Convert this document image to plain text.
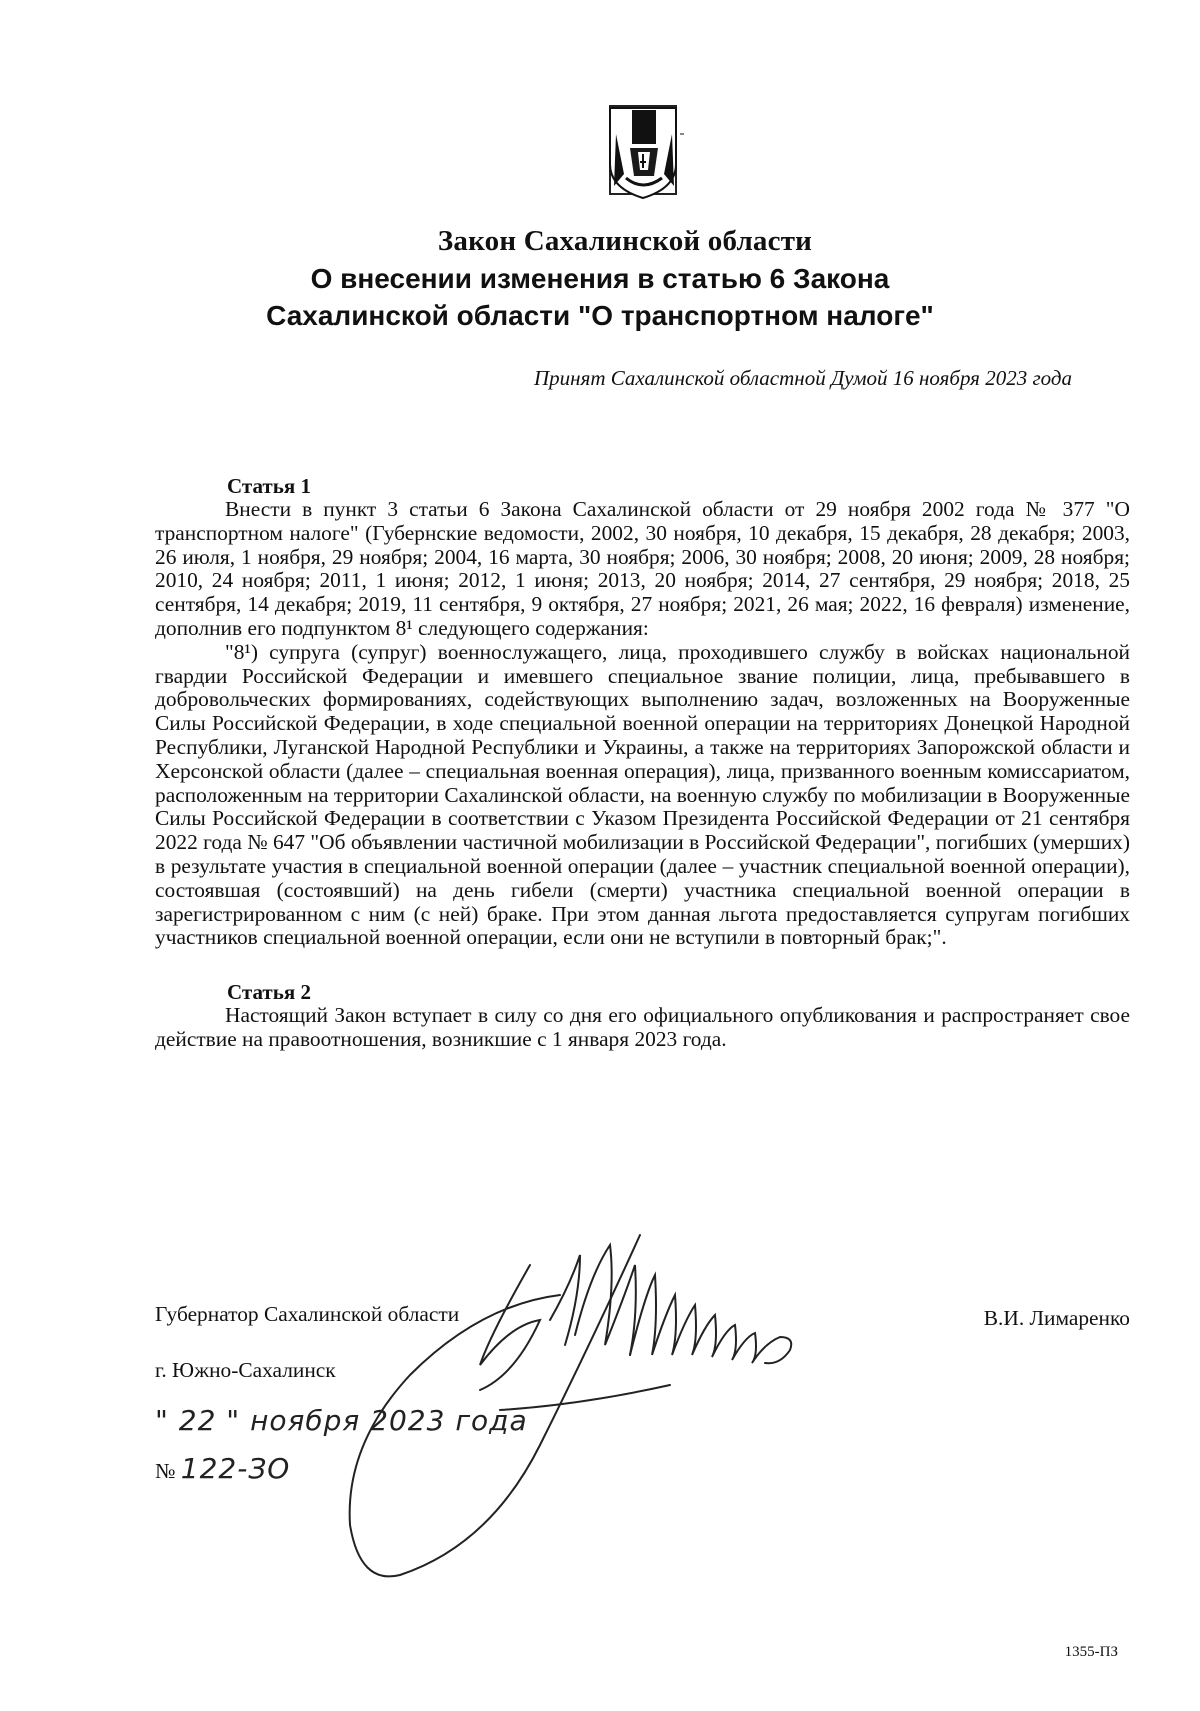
Закон Сахалинской области

О внесении изменения в статью 6 Закона

Сахалинской области "О транспортном налоге"

Принят Сахалинской областной Думой 16 ноября 2023 года

Статья 1

Внести в пункт 3 статьи 6 Закона Сахалинской области от 29 ноября 2002 года № 377 "О транспортном налоге" (Губернские ведомости, 2002, 30 ноября, 10 декабря, 15 декабря, 28 декабря; 2003, 26 июля, 1 ноября, 29 ноября; 2004, 16 марта, 30 ноября; 2006, 30 ноября; 2008, 20 июня; 2009, 28 ноября; 2010, 24 ноября; 2011, 1 июня; 2012, 1 июня; 2013, 20 ноября; 2014, 27 сентября, 29 ноября; 2018, 25 сентября, 14 декабря; 2019, 11 сентября, 9 октября, 27 ноября; 2021, 26 мая; 2022, 16 февраля) изменение, дополнив его подпунктом 8¹ следующего содержания:

"8¹) супруга (супруг) военнослужащего, лица, проходившего службу в войсках национальной гвардии Российской Федерации и имевшего специальное звание полиции, лица, пребывавшего в добровольческих формированиях, содействующих выполнению задач, возложенных на Вооруженные Силы Российской Федерации, в ходе специальной военной операции на территориях Донецкой Народной Республики, Луганской Народной Республики и Украины, а также на территориях Запорожской области и Херсонской области (далее – специальная военная операция), лица, призванного военным комиссариатом, расположенным на территории Сахалинской области, на военную службу по мобилизации в Вооруженные Силы Российской Федерации в соответствии с Указом Президента Российской Федерации от 21 сентября 2022 года № 647 "Об объявлении частичной мобилизации в Российской Федерации", погибших (умерших) в результате участия в специальной военной операции (далее – участник специальной военной операции), состоявшая (состоявший) на день гибели (смерти) участника специальной военной операции в зарегистрированном с ним (с ней) браке. При этом данная льгота предоставляется супругам погибших участников специальной военной операции, если они не вступили в повторный брак;".

Статья 2

Настоящий Закон вступает в силу со дня его официального опубликования и распространяет свое действие на правоотношения, возникшие с 1 января 2023 года.

Губернатор Сахалинской области	В.И. Лимаренко
г. Южно-Сахалинск
" 22 " ноября 2023 года
№ 122-ЗО
1355-ПЗ
